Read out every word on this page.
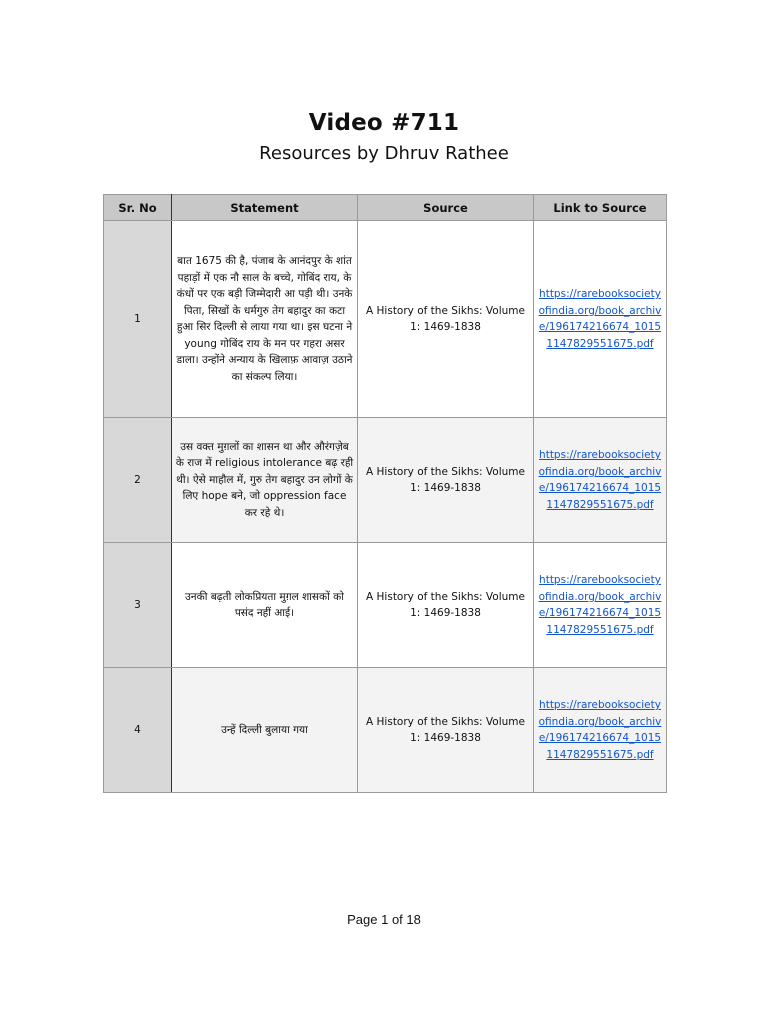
Video #711
Resources by Dhruv Rathee
Sr. No	Statement	Source	Link to Source
1	बात 1675 की है, पंजाब के आनंदपुर के शांत पहाड़ों में एक नौ साल के बच्चे, गोबिंद राय, के कंधों पर एक बड़ी जिम्मेदारी आ पड़ी थी। उनके पिता, सिखों के धर्मगुरु तेग बहादुर का कटा हुआ सिर दिल्ली से लाया गया था। इस घटना ने young गोबिंद राय के मन पर गहरा असर डाला। उन्होंने अन्याय के खिलाफ़ आवाज़ उठाने का संकल्प लिया।	A History of the Sikhs: Volume 1: 1469-1838	https://rarebooksocietyofindia.org/book_archive/196174216674_10151147829551675.pdf

2	उस वक्त मुग़लों का शासन था और औरंगज़ेब के राज में religious intolerance बढ़ रही थी। ऐसे माहौल में, गुरु तेग बहादुर उन लोगों के लिए hope बने, जो oppression face कर रहे थे।	A History of the Sikhs: Volume 1: 1469-1838	https://rarebooksocietyofindia.org/book_archive/196174216674_10151147829551675.pdf

3	उनकी बढ़ती लोकप्रियता मुग़ल शासकों को पसंद नहीं आई।	A History of the Sikhs: Volume 1: 1469-1838	https://rarebooksocietyofindia.org/book_archive/196174216674_10151147829551675.pdf

4	उन्हें दिल्ली बुलाया गया	A History of the Sikhs: Volume 1: 1469-1838	https://rarebooksocietyofindia.org/book_archive/196174216674_10151147829551675.pdf
Page 1 of 18
